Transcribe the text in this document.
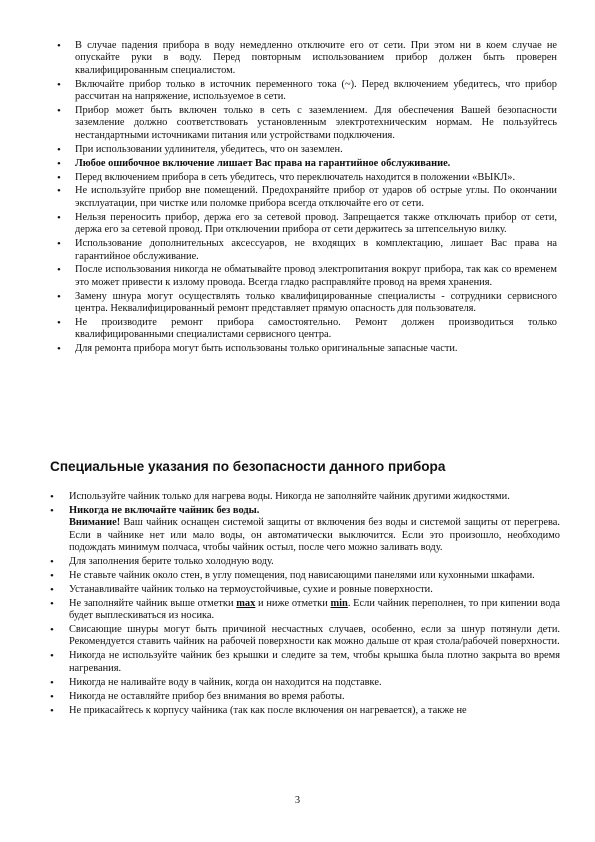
• В случае падения прибора в воду немедленно отключите его от сети. При этом ни в коем случае не опускайте руки в воду. Перед повторным использованием прибор должен быть проверен квалифицированным специалистом.
• Включайте прибор только в источник переменного тока (~). Перед включением убедитесь, что прибор рассчитан на напряжение, используемое в сети.
• Прибор может быть включен только в сеть с заземлением. Для обеспечения Вашей безопасности заземление должно соответствовать установленным электротехническим нормам. Не пользуйтесь нестандартными источниками питания или устройствами подключения.
• При использовании удлинителя, убедитесь, что он заземлен.
• Любое ошибочное включение лишает Вас права на гарантийное обслуживание.
• Перед включением прибора в сеть убедитесь, что переключатель находится в положении «ВЫКЛ».
• Не используйте прибор вне помещений. Предохраняйте прибор от ударов об острые углы. По окончании эксплуатации, при чистке или поломке прибора всегда отключайте его от сети.
• Нельзя переносить прибор, держа его за сетевой провод. Запрещается также отключать прибор от сети, держа его за сетевой провод. При отключении прибора от сети держитесь за штепсельную вилку.
• Использование дополнительных аксессуаров, не входящих в комплектацию, лишает Вас права на гарантийное обслуживание.
• После использования никогда не обматывайте провод электропитания вокруг прибора, так как со временем это может привести к излому провода. Всегда гладко расправляйте провод на время хранения.
• Замену шнура могут осуществлять только квалифицированные специалисты - сотрудники сервисного центра. Неквалифицированный ремонт представляет прямую опасность для пользователя.
• Не производите ремонт прибора самостоятельно. Ремонт должен производиться только квалифицированными специалистами сервисного центра.
• Для ремонта прибора могут быть использованы только оригинальные запасные части.
Специальные указания по безопасности данного прибора
• Используйте чайник только для нагрева воды. Никогда не заполняйте чайник другими жидкостями.
• Никогда не включайте чайник без воды.
Внимание! Ваш чайник оснащен системой защиты от включения без воды и системой защиты от перегрева. Если в чайнике нет или мало воды, он автоматически выключится. Если это произошло, необходимо подождать минимум полчаса, чтобы чайник остыл, после чего можно заливать воду.
• Для заполнения берите только холодную воду.
• Не ставьте чайник около стен, в углу помещения, под нависающими панелями или кухонными шкафами.
• Устанавливайте чайник только на термоустойчивые, сухие и ровные поверхности.
• Не заполняйте чайник выше отметки max и ниже отметки min. Если чайник переполнен, то при кипении вода будет выплескиваться из носика.
• Свисающие шнуры могут быть причиной несчастных случаев, особенно, если за шнур потянули дети. Рекомендуется ставить чайник на рабочей поверхности как можно дальше от края стола/рабочей поверхности.
• Никогда не используйте чайник без крышки и следите за тем, чтобы крышка была плотно закрыта во время нагревания.
• Никогда не наливайте воду в чайник, когда он находится на подставке.
• Никогда не оставляйте прибор без внимания во время работы.
• Не прикасайтесь к корпусу чайника (так как после включения он нагревается), а также не
3
